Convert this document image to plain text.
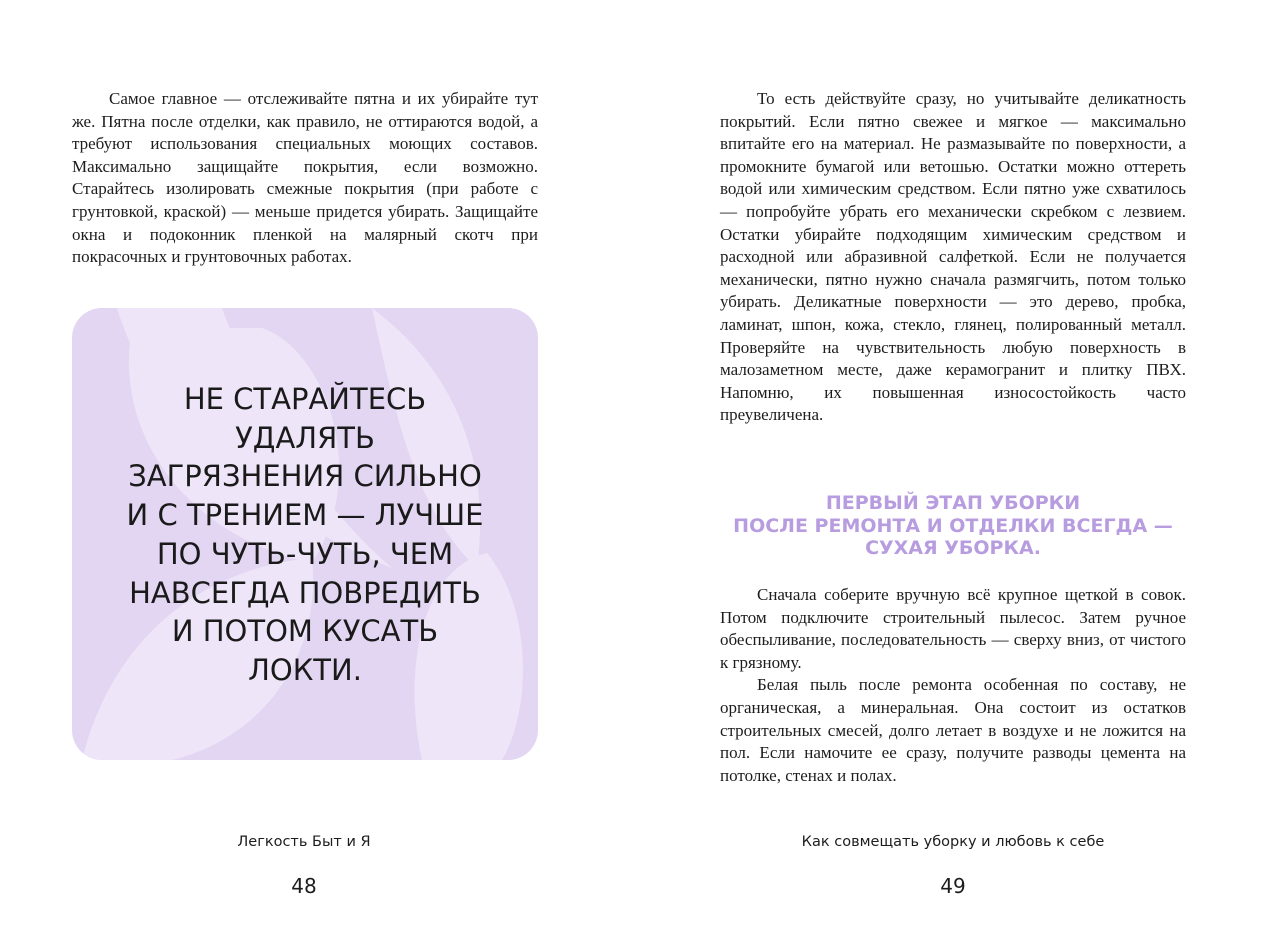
Самое главное — отслеживайте пятна и их убирайте тут же. Пятна после отделки, как правило, не оттираются водой, а требуют использования специальных моющих составов. Максимально защищайте покрытия, если возможно. Старайтесь изолировать смежные покрытия (при работе с грунтовкой, краской) — меньше придется убирать. Защищайте окна и подоконник пленкой на малярный скотч при покрасочных и грунтовочных работах.

НЕ СТАРАЙТЕСЬ
УДАЛЯТЬ
ЗАГРЯЗНЕНИЯ СИЛЬНО
И С ТРЕНИЕМ — ЛУЧШЕ
ПО ЧУТЬ-ЧУТЬ, ЧЕМ
НАВСЕГДА ПОВРЕДИТЬ
И ПОТОМ КУСАТЬ
ЛОКТИ.
Легкость Быт и Я
48

То есть действуйте сразу, но учитывайте деликатность покрытий. Если пятно свежее и мягкое — максимально впитайте его на материал. Не размазывайте по поверхности, а промокните бумагой или ветошью. Остатки можно оттереть водой или химическим средством. Если пятно уже схватилось — попробуйте убрать его механически скребком с лезвием. Остатки убирайте подходящим химическим средством и расходной или абразивной салфеткой. Если не получается механически, пятно нужно сначала размягчить, потом только убирать. Деликатные поверхности — это дерево, пробка, ламинат, шпон, кожа, стекло, глянец, полированный металл. Проверяйте на чувствительность любую поверхность в малозаметном месте, даже керамогранит и плитку ПВХ. Напомню, их повышенная износостойкость часто преувеличена.

ПЕРВЫЙ ЭТАП УБОРКИ
ПОСЛЕ РЕМОНТА И ОТДЕЛКИ ВСЕГДА —
СУХАЯ УБОРКА.

Сначала соберите вручную всё крупное щеткой в совок. Потом подключите строительный пылесос. Затем ручное обеспыливание, последовательность — сверху вниз, от чистого к грязному.

Белая пыль после ремонта особенная по составу, не органическая, а минеральная. Она состоит из остатков строительных смесей, долго летает в воздухе и не ложится на пол. Если намочите ее сразу, получите разводы цемента на потолке, стенах и полах.

Как совмещать уборку и любовь к себе
49
